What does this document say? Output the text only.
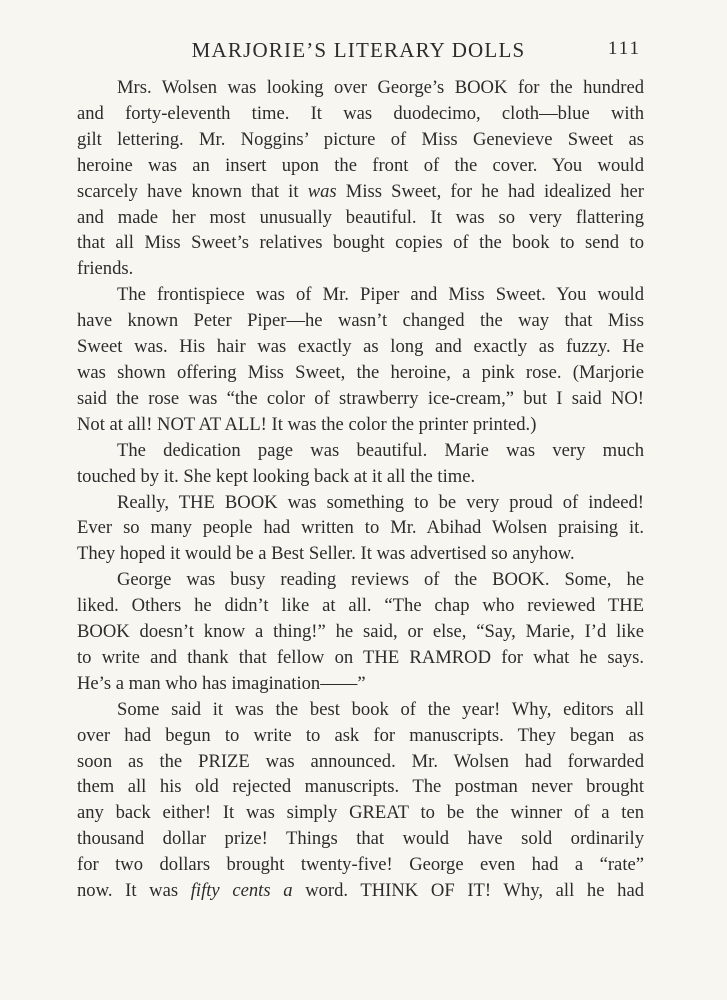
MARJORIE’S LITERARY DOLLS	111
Mrs. Wolsen was looking over George’s BOOK for the hundred
and forty-eleventh time. It was duodecimo, cloth—blue with
gilt lettering. Mr. Noggins’ picture of Miss Genevieve Sweet as
heroine was an insert upon the front of the cover. You would
scarcely have known that it was Miss Sweet, for he had idealized her
and made her most unusually beautiful. It was so very flattering
that all Miss Sweet’s relatives bought copies of the book to send to
friends.
The frontispiece was of Mr. Piper and Miss Sweet. You would
have known Peter Piper—he wasn’t changed the way that Miss
Sweet was. His hair was exactly as long and exactly as fuzzy. He
was shown offering Miss Sweet, the heroine, a pink rose. (Marjorie
said the rose was “the color of strawberry ice-cream,” but I said NO!
Not at all! NOT AT ALL! It was the color the printer printed.)
The dedication page was beautiful. Marie was very much
touched by it. She kept looking back at it all the time.
Really, THE BOOK was something to be very proud of indeed!
Ever so many people had written to Mr. Abihad Wolsen praising it.
They hoped it would be a Best Seller. It was advertised so anyhow.
George was busy reading reviews of the BOOK. Some, he
liked. Others he didn’t like at all. “The chap who reviewed THE
BOOK doesn’t know a thing!” he said, or else, “Say, Marie, I’d like
to write and thank that fellow on THE RAMROD for what he says.
He’s a man who has imagination——”
Some said it was the best book of the year! Why, editors all
over had begun to write to ask for manuscripts. They began as
soon as the PRIZE was announced. Mr. Wolsen had forwarded
them all his old rejected manuscripts. The postman never brought
any back either! It was simply GREAT to be the winner of a ten
thousand dollar prize! Things that would have sold ordinarily
for two dollars brought twenty-five! George even had a “rate”
now. It was fifty cents a word. THINK OF IT! Why, all he had
